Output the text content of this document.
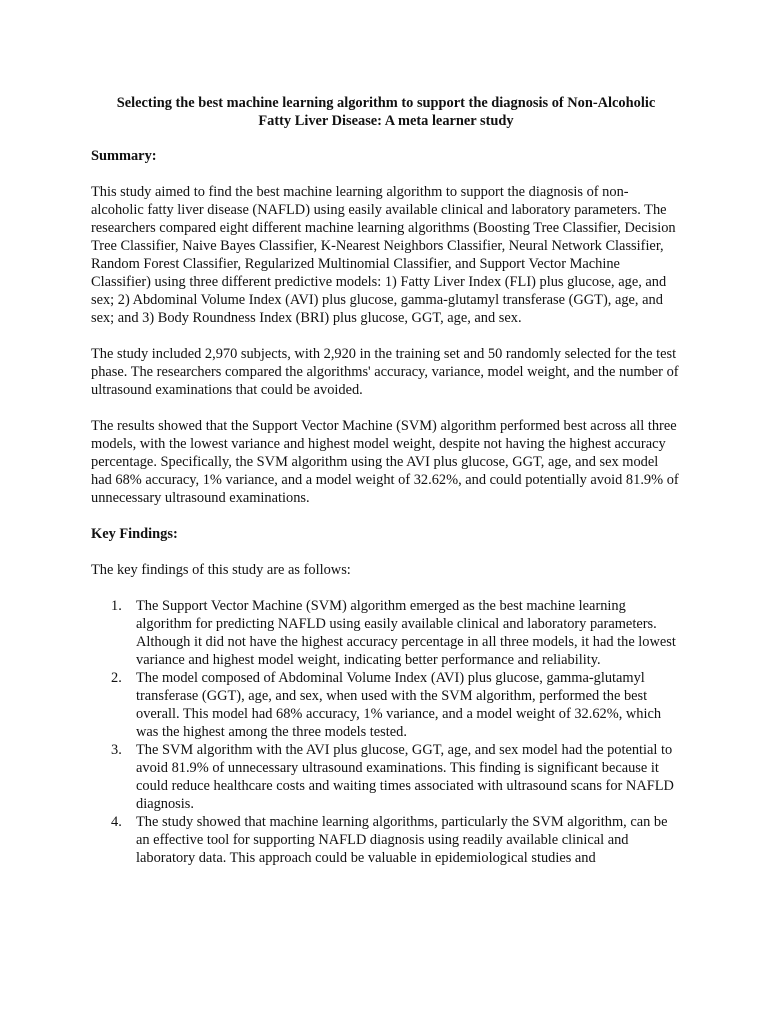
Selecting the best machine learning algorithm to support the diagnosis of Non-Alcoholic Fatty Liver Disease: A meta learner study
Summary:

This study aimed to find the best machine learning algorithm to support the diagnosis of non-alcoholic fatty liver disease (NAFLD) using easily available clinical and laboratory parameters. The researchers compared eight different machine learning algorithms (Boosting Tree Classifier, Decision Tree Classifier, Naive Bayes Classifier, K-Nearest Neighbors Classifier, Neural Network Classifier, Random Forest Classifier, Regularized Multinomial Classifier, and Support Vector Machine Classifier) using three different predictive models: 1) Fatty Liver Index (FLI) plus glucose, age, and sex; 2) Abdominal Volume Index (AVI) plus glucose, gamma-glutamyl transferase (GGT), age, and sex; and 3) Body Roundness Index (BRI) plus glucose, GGT, age, and sex.

The study included 2,970 subjects, with 2,920 in the training set and 50 randomly selected for the test phase. The researchers compared the algorithms' accuracy, variance, model weight, and the number of ultrasound examinations that could be avoided.

The results showed that the Support Vector Machine (SVM) algorithm performed best across all three models, with the lowest variance and highest model weight, despite not having the highest accuracy percentage. Specifically, the SVM algorithm using the AVI plus glucose, GGT, age, and sex model had 68% accuracy, 1% variance, and a model weight of 32.62%, and could potentially avoid 81.9% of unnecessary ultrasound examinations.

Key Findings:

The key findings of this study are as follows:

1. The Support Vector Machine (SVM) algorithm emerged as the best machine learning algorithm for predicting NAFLD using easily available clinical and laboratory parameters. Although it did not have the highest accuracy percentage in all three models, it had the lowest variance and highest model weight, indicating better performance and reliability.
2. The model composed of Abdominal Volume Index (AVI) plus glucose, gamma-glutamyl transferase (GGT), age, and sex, when used with the SVM algorithm, performed the best overall. This model had 68% accuracy, 1% variance, and a model weight of 32.62%, which was the highest among the three models tested.
3. The SVM algorithm with the AVI plus glucose, GGT, age, and sex model had the potential to avoid 81.9% of unnecessary ultrasound examinations. This finding is significant because it could reduce healthcare costs and waiting times associated with ultrasound scans for NAFLD diagnosis.
4. The study showed that machine learning algorithms, particularly the SVM algorithm, can be an effective tool for supporting NAFLD diagnosis using readily available clinical and laboratory data. This approach could be valuable in epidemiological studies and
